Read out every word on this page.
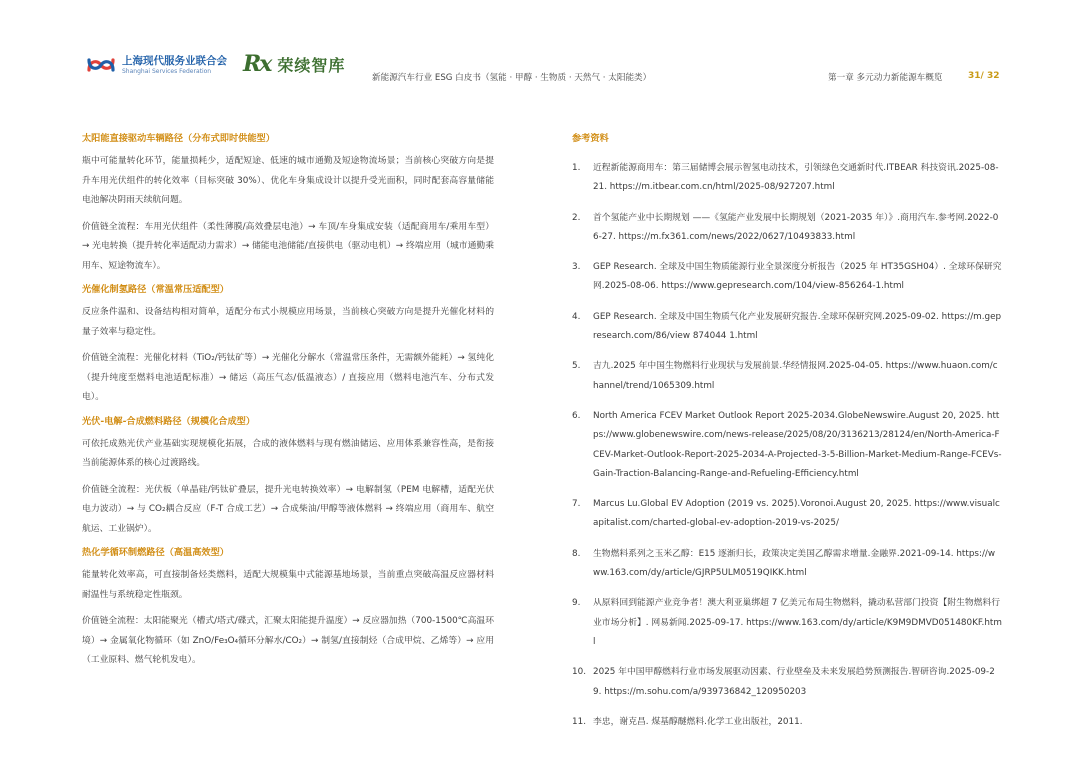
上海现代服务业联合会
Shanghai Services Federation	Rx 荣续智库
新能源汽车行业 ESG 白皮书（氢能 · 甲醇 · 生物质 · 天然气 · 太阳能类）	第一章 多元动力新能源车概览	31/ 32
太阳能直接驱动车辆路径（分布式即时供能型）

瓶中可能量转化环节，能量损耗少，适配短途、低速的城市通勤及短途物流场景；当前核心突破方向是提升车用光伏组件的转化效率（目标突破 30%）、优化车身集成设计以提升受光面积，同时配套高容量储能电池解决阴雨天续航问题。

价值链全流程：车用光伏组件（柔性薄膜/高效叠层电池）→ 车顶/车身集成安装（适配商用车/乘用车型）→ 光电转换（提升转化率适配动力需求）→ 储能电池储能/直接供电（驱动电机）→ 终端应用（城市通勤乘用车、短途物流车）。

光催化制氢路径（常温常压适配型）

反应条件温和、设备结构相对简单，适配分布式小规模应用场景，当前核心突破方向是提升光催化材料的量子效率与稳定性。

价值链全流程：光催化材料（TiO₂/钙钛矿等）→ 光催化分解水（常温常压条件，无需额外能耗）→ 氢纯化（提升纯度至燃料电池适配标准）→ 储运（高压气态/低温液态）/ 直接应用（燃料电池汽车、分布式发电）。

光伏-电解-合成燃料路径（规模化合成型）

可依托成熟光伏产业基础实现规模化拓展，合成的液体燃料与现有燃油储运、应用体系兼容性高，是衔接当前能源体系的核心过渡路线。

价值链全流程：光伏板（单晶硅/钙钛矿叠层，提升光电转换效率）→ 电解制氢（PEM 电解槽，适配光伏电力波动）→ 与 CO₂耦合反应（F-T 合成工艺）→ 合成柴油/甲醇等液体燃料 → 终端应用（商用车、航空航运、工业锅炉）。

热化学循环制燃路径（高温高效型）

能量转化效率高，可直接制备烃类燃料，适配大规模集中式能源基地场景，当前重点突破高温反应器材料耐温性与系统稳定性瓶颈。

价值链全流程：太阳能聚光（槽式/塔式/碟式，汇聚太阳能提升温度）→ 反应器加热（700-1500℃高温环境）→ 金属氧化物循环（如 ZnO/Fe₃O₄循环分解水/CO₂）→ 制氢/直接制烃（合成甲烷、乙烯等）→ 应用（工业原料、燃气轮机发电）。

参考资料
1.	近程新能源商用车：第三届储博会展示智氢电动技术，引领绿色交通新时代.ITBEAR 科技资讯.2025-08-21. https://m.itbear.com.cn/html/2025-08/927207.html
2.	首个氢能产业中长期规划 ——《氢能产业发展中长期规划（2021-2035 年）》.商用汽车.参考网.2022-06-27. https://m.fx361.com/news/2022/0627/10493833.html
3.	GEP Research. 全球及中国生物质能源行业全景深度分析报告（2025 年 HT35GSH04）. 全球环保研究网.2025-08-06. https://www.gepresearch.com/104/view-856264-1.html
4.	GEP Research. 全球及中国生物质气化产业发展研究报告.全球环保研究网.2025-09-02. https://m.gepresearch.com/86/view 874044 1.html
5.	吉九.2025 年中国生物燃料行业现状与发展前景.华经情报网.2025-04-05. https://www.huaon.com/channel/trend/1065309.html
6.	North America FCEV Market Outlook Report 2025-2034.GlobeNewswire.August 20, 2025. https://www.globenewswire.com/news-release/2025/08/20/3136213/28124/en/North-America-FCEV-Market-Outlook-Report-2025-2034-A-Projected-3-5-Billion-Market-Medium-Range-FCEVs-Gain-Traction-Balancing-Range-and-Refueling-Efficiency.html
7.	Marcus Lu.Global EV Adoption (2019 vs. 2025).Voronoi.August 20, 2025. https://www.visualcapitalist.com/charted-global-ev-adoption-2019-vs-2025/
8.	生物燃料系列之玉米乙醇：E15 逐渐归长，政策决定美国乙醇需求增量.金融界.2021-09-14. https://www.163.com/dy/article/GJRP5ULM0519QIKK.html
9.	从原料回到能源产业竞争者！澳大利亚巢绑超 7 亿美元布局生物燃料，撬动私营部门投资【附生物燃料行业市场分析】. 网易新闻.2025-09-17. https://www.163.com/dy/article/K9M9DMVD051480KF.html
10. 2025 年中国甲醇燃料行业市场发展驱动因素、行业壁垒及未来发展趋势预测报告.智研咨询.2025-09-29. https://m.sohu.com/a/939736842_120950203
11. 李忠，谢克昌. 煤基醇醚燃料.化学工业出版社，2011.
